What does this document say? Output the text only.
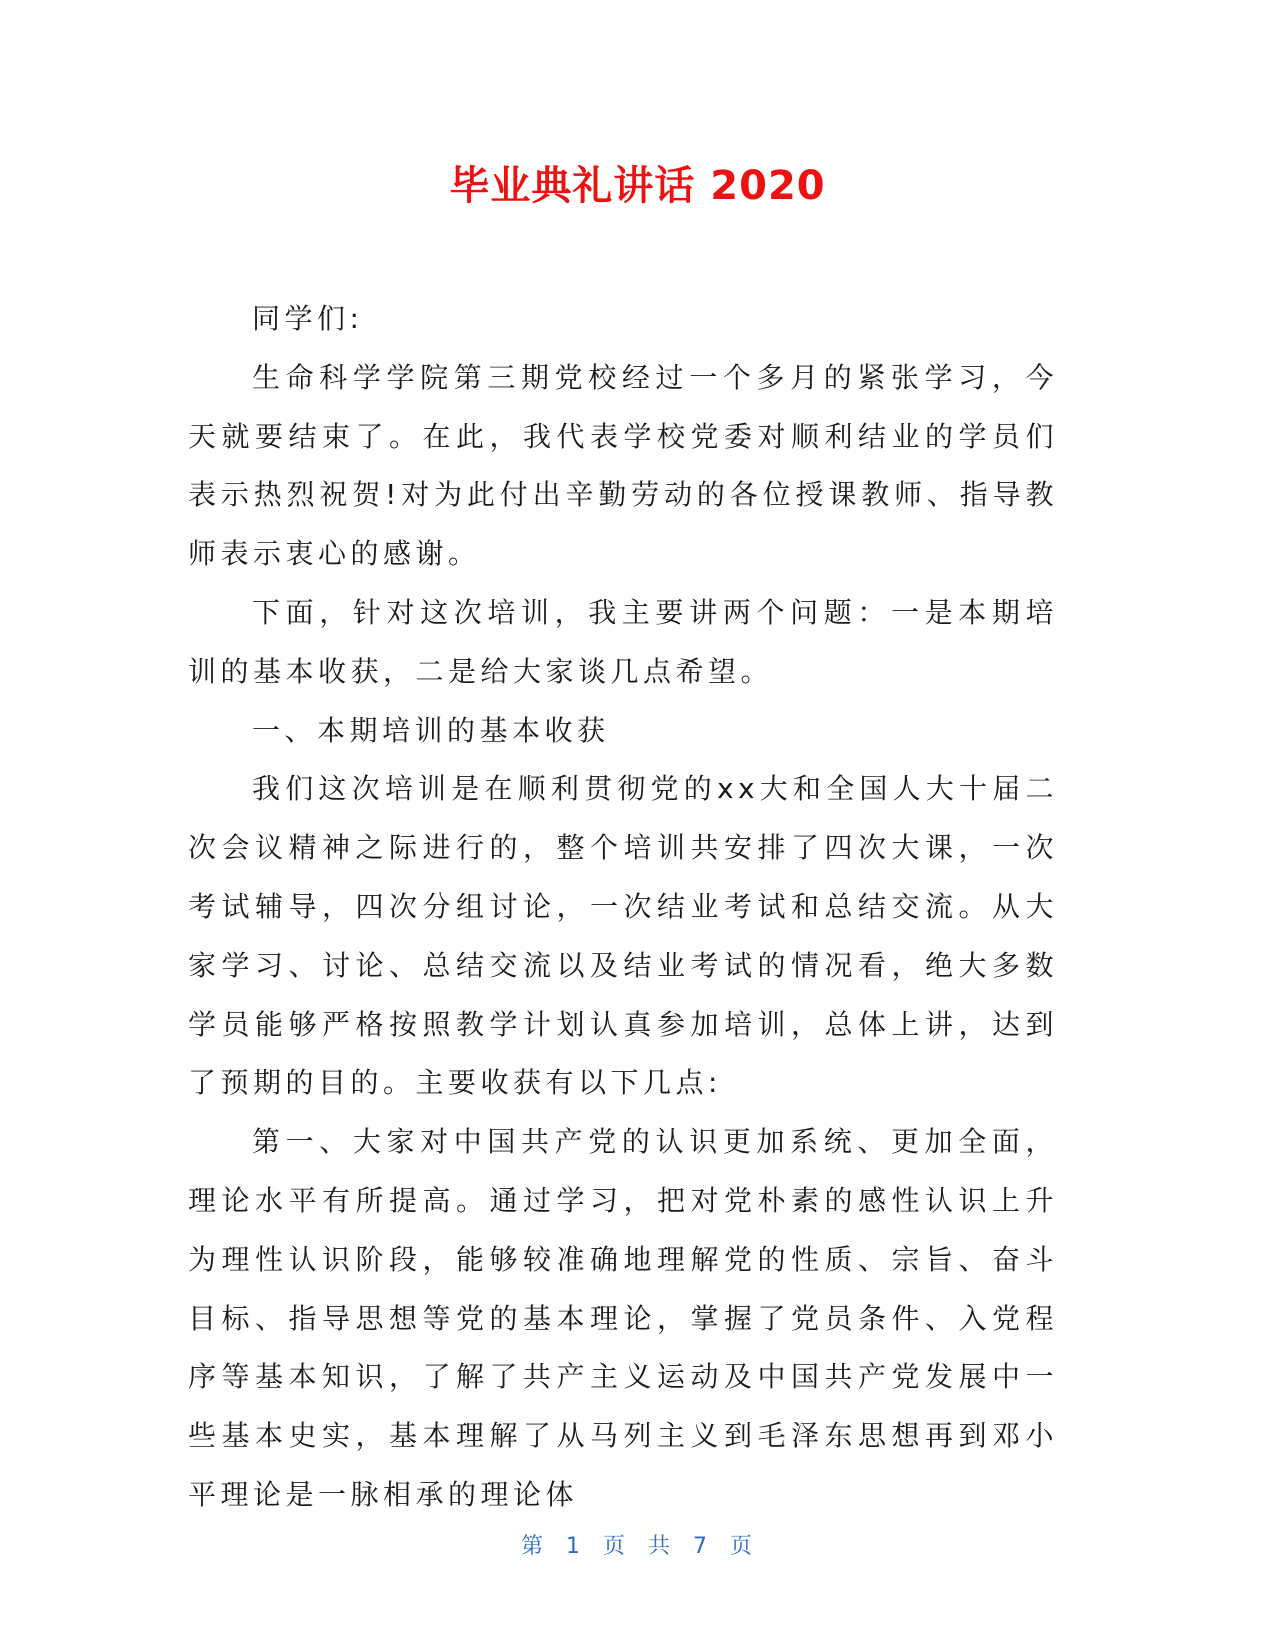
毕业典礼讲话 2020

同学们:

生命科学学院第三期党校经过一个多月的紧张学习，今天就要结束了。在此，我代表学校党委对顺利结业的学员们表示热烈祝贺!对为此付出辛勤劳动的各位授课教师、指导教师表示衷心的感谢。

下面，针对这次培训，我主要讲两个问题：一是本期培训的基本收获，二是给大家谈几点希望。

一、本期培训的基本收获

我们这次培训是在顺利贯彻党的xx大和全国人大十届二次会议精神之际进行的，整个培训共安排了四次大课，一次考试辅导，四次分组讨论，一次结业考试和总结交流。从大家学习、讨论、总结交流以及结业考试的情况看，绝大多数学员能够严格按照教学计划认真参加培训，总体上讲，达到了预期的目的。主要收获有以下几点:

第一、大家对中国共产党的认识更加系统、更加全面，理论水平有所提高。通过学习，把对党朴素的感性认识上升为理性认识阶段，能够较准确地理解党的性质、宗旨、奋斗目标、指导思想等党的基本理论，掌握了党员条件、入党程序等基本知识，了解了共产主义运动及中国共产党发展中一些基本史实，基本理解了从马列主义到毛泽东思想再到邓小平理论是一脉相承的理论体

第 1 页 共 7 页
